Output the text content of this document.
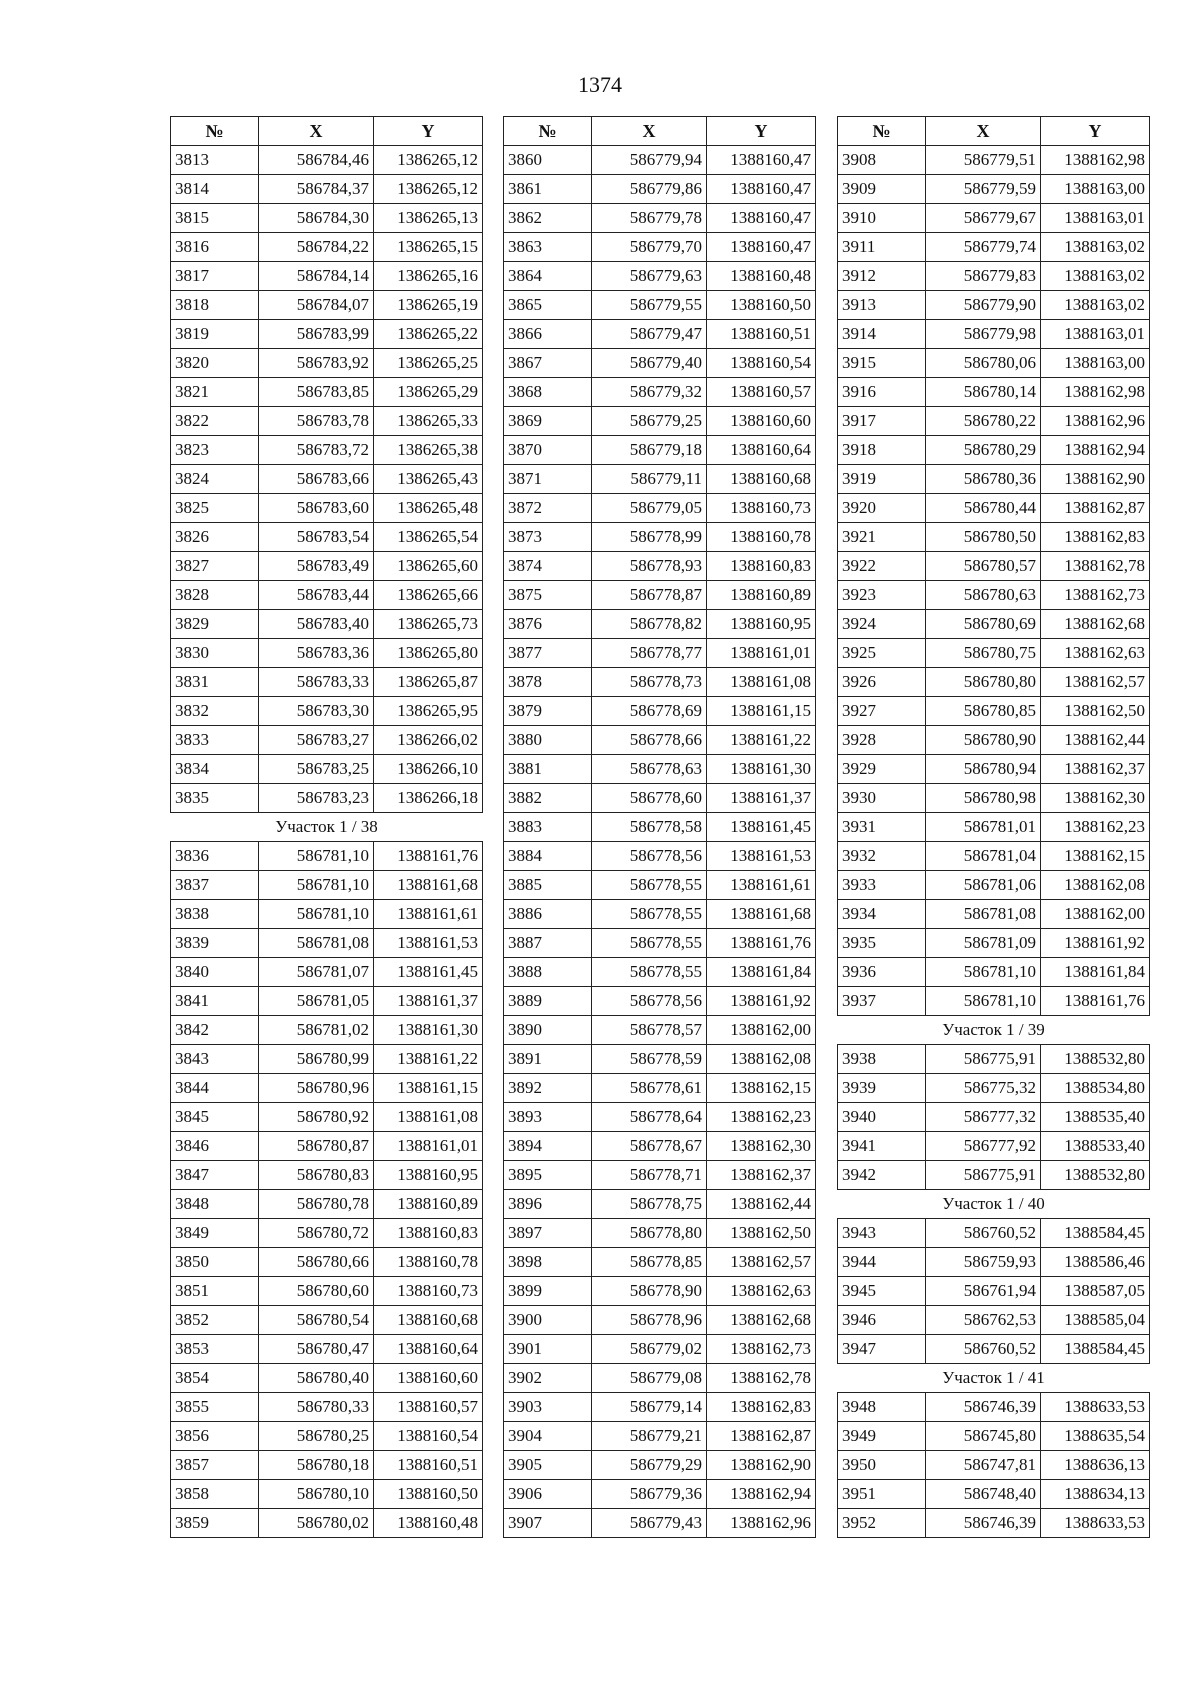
1374
№	X	Y
3813	586784,46	1386265,12
3814	586784,37	1386265,12
3815	586784,30	1386265,13
3816	586784,22	1386265,15
3817	586784,14	1386265,16
3818	586784,07	1386265,19
3819	586783,99	1386265,22
3820	586783,92	1386265,25
3821	586783,85	1386265,29
3822	586783,78	1386265,33
3823	586783,72	1386265,38
3824	586783,66	1386265,43
3825	586783,60	1386265,48
3826	586783,54	1386265,54
3827	586783,49	1386265,60
3828	586783,44	1386265,66
3829	586783,40	1386265,73
3830	586783,36	1386265,80
3831	586783,33	1386265,87
3832	586783,30	1386265,95
3833	586783,27	1386266,02
3834	586783,25	1386266,10
3835	586783,23	1386266,18
Участок 1 / 38		
3836	586781,10	1388161,76
3837	586781,10	1388161,68
3838	586781,10	1388161,61
3839	586781,08	1388161,53
3840	586781,07	1388161,45
3841	586781,05	1388161,37
3842	586781,02	1388161,30
3843	586780,99	1388161,22
3844	586780,96	1388161,15
3845	586780,92	1388161,08
3846	586780,87	1388161,01
3847	586780,83	1388160,95
3848	586780,78	1388160,89
3849	586780,72	1388160,83
3850	586780,66	1388160,78
3851	586780,60	1388160,73
3852	586780,54	1388160,68
3853	586780,47	1388160,64
3854	586780,40	1388160,60
3855	586780,33	1388160,57
3856	586780,25	1388160,54
3857	586780,18	1388160,51
3858	586780,10	1388160,50
3859	586780,02	1388160,48
№	X	Y
3860	586779,94	1388160,47
3861	586779,86	1388160,47
3862	586779,78	1388160,47
3863	586779,70	1388160,47
3864	586779,63	1388160,48
3865	586779,55	1388160,50
3866	586779,47	1388160,51
3867	586779,40	1388160,54
3868	586779,32	1388160,57
3869	586779,25	1388160,60
3870	586779,18	1388160,64
3871	586779,11	1388160,68
3872	586779,05	1388160,73
3873	586778,99	1388160,78
3874	586778,93	1388160,83
3875	586778,87	1388160,89
3876	586778,82	1388160,95
3877	586778,77	1388161,01
3878	586778,73	1388161,08
3879	586778,69	1388161,15
3880	586778,66	1388161,22
3881	586778,63	1388161,30
3882	586778,60	1388161,37
3883	586778,58	1388161,45
3884	586778,56	1388161,53
3885	586778,55	1388161,61
3886	586778,55	1388161,68
3887	586778,55	1388161,76
3888	586778,55	1388161,84
3889	586778,56	1388161,92
3890	586778,57	1388162,00
3891	586778,59	1388162,08
3892	586778,61	1388162,15
3893	586778,64	1388162,23
3894	586778,67	1388162,30
3895	586778,71	1388162,37
3896	586778,75	1388162,44
3897	586778,80	1388162,50
3898	586778,85	1388162,57
3899	586778,90	1388162,63
3900	586778,96	1388162,68
3901	586779,02	1388162,73
3902	586779,08	1388162,78
3903	586779,14	1388162,83
3904	586779,21	1388162,87
3905	586779,29	1388162,90
3906	586779,36	1388162,94
3907	586779,43	1388162,96
№	X	Y
3908	586779,51	1388162,98
3909	586779,59	1388163,00
3910	586779,67	1388163,01
3911	586779,74	1388163,02
3912	586779,83	1388163,02
3913	586779,90	1388163,02
3914	586779,98	1388163,01
3915	586780,06	1388163,00
3916	586780,14	1388162,98
3917	586780,22	1388162,96
3918	586780,29	1388162,94
3919	586780,36	1388162,90
3920	586780,44	1388162,87
3921	586780,50	1388162,83
3922	586780,57	1388162,78
3923	586780,63	1388162,73
3924	586780,69	1388162,68
3925	586780,75	1388162,63
3926	586780,80	1388162,57
3927	586780,85	1388162,50
3928	586780,90	1388162,44
3929	586780,94	1388162,37
3930	586780,98	1388162,30
3931	586781,01	1388162,23
3932	586781,04	1388162,15
3933	586781,06	1388162,08
3934	586781,08	1388162,00
3935	586781,09	1388161,92
3936	586781,10	1388161,84
3937	586781,10	1388161,76
Участок 1 / 39		
3938	586775,91	1388532,80
3939	586775,32	1388534,80
3940	586777,32	1388535,40
3941	586777,92	1388533,40
3942	586775,91	1388532,80
Участок 1 / 40		
3943	586760,52	1388584,45
3944	586759,93	1388586,46
3945	586761,94	1388587,05
3946	586762,53	1388585,04
3947	586760,52	1388584,45
Участок 1 / 41		
3948	586746,39	1388633,53
3949	586745,80	1388635,54
3950	586747,81	1388636,13
3951	586748,40	1388634,13
3952	586746,39	1388633,53
